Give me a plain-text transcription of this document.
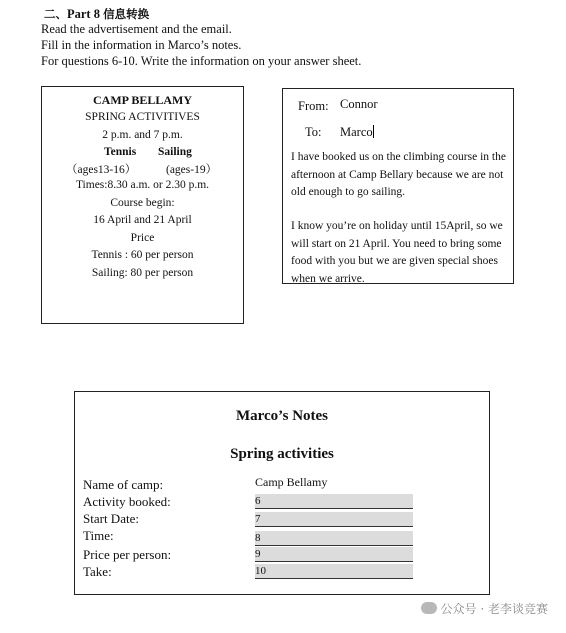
二、Part 8 信息转换
Read the advertisement and the email.
Fill in the information in Marco’s notes.
For questions 6-10. Write the information on your answer sheet.
CAMP BELLAMY
SPRING ACTIVITIVES
2 p.m. and 7 p.m.
Tennis Sailing
（ages13-16）	(ages-19）
Times:8.30 a.m. or 2.30 p.m.
Course begin:
16 April and 21 April
Price
Tennis : 60 per person
Sailing: 80 per person
From: Connor
To: Marco
I have booked us on the climbing course in the afternoon at Camp Bellary because we are not old enough to go sailing.
I know you’re on holiday until 15April, so we will start on 21 April. You need to bring some food with you but we are given special shoes when we arrive.
Marco’s Notes
Spring activities
Name of camp:	Camp Bellamy
Activity booked:	6
Start Date:	7
Time:	8
Price per person:	9
Take:	10
公众号 · 老李谈竞赛
